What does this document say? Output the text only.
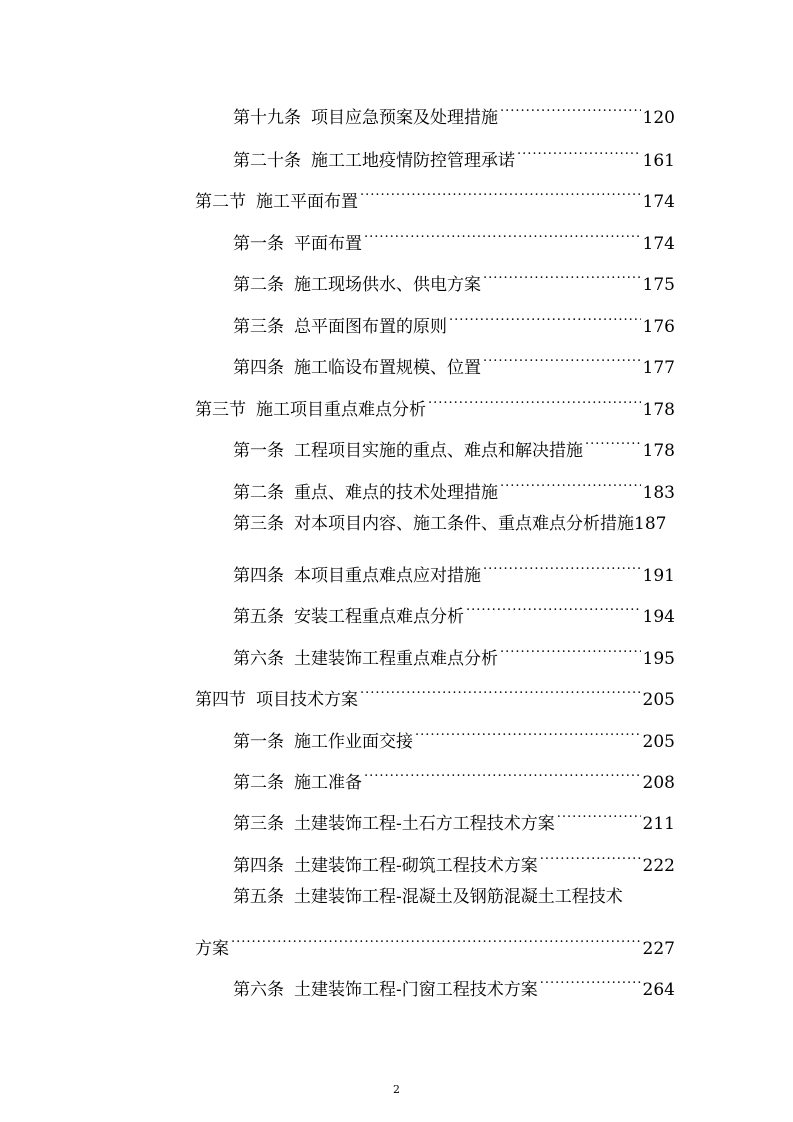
第十九条 项目应急预案及处理措施 .....	120
第二十条 施工工地疫情防控管理承诺 .....	161
第二节 施工平面布置 .....	174
第一条 平面布置 .....	174
第二条 施工现场供水、供电方案 .....	175
第三条 总平面图布置的原则 .....	176
第四条 施工临设布置规模、位置 .....	177
第三节 施工项目重点难点分析 .....	178
第一条 工程项目实施的重点、难点和解决措施 .....	178
第二条 重点、难点的技术处理措施 .....	183
第三条 对本项目内容、施工条件、重点难点分析措施 187
第四条 本项目重点难点应对措施 .....	191
第五条 安装工程重点难点分析 .....	194
第六条 土建装饰工程重点难点分析 .....	195
第四节 项目技术方案 .....	205
第一条 施工作业面交接 .....	205
第二条 施工准备 .....	208
第三条 土建装饰工程-土石方工程技术方案 .....	211
第四条 土建装饰工程-砌筑工程技术方案 .....	222
第五条 土建装饰工程-混凝土及钢筋混凝土工程技术
方案 .....	227
第六条 土建装饰工程-门窗工程技术方案 .....	264
2
